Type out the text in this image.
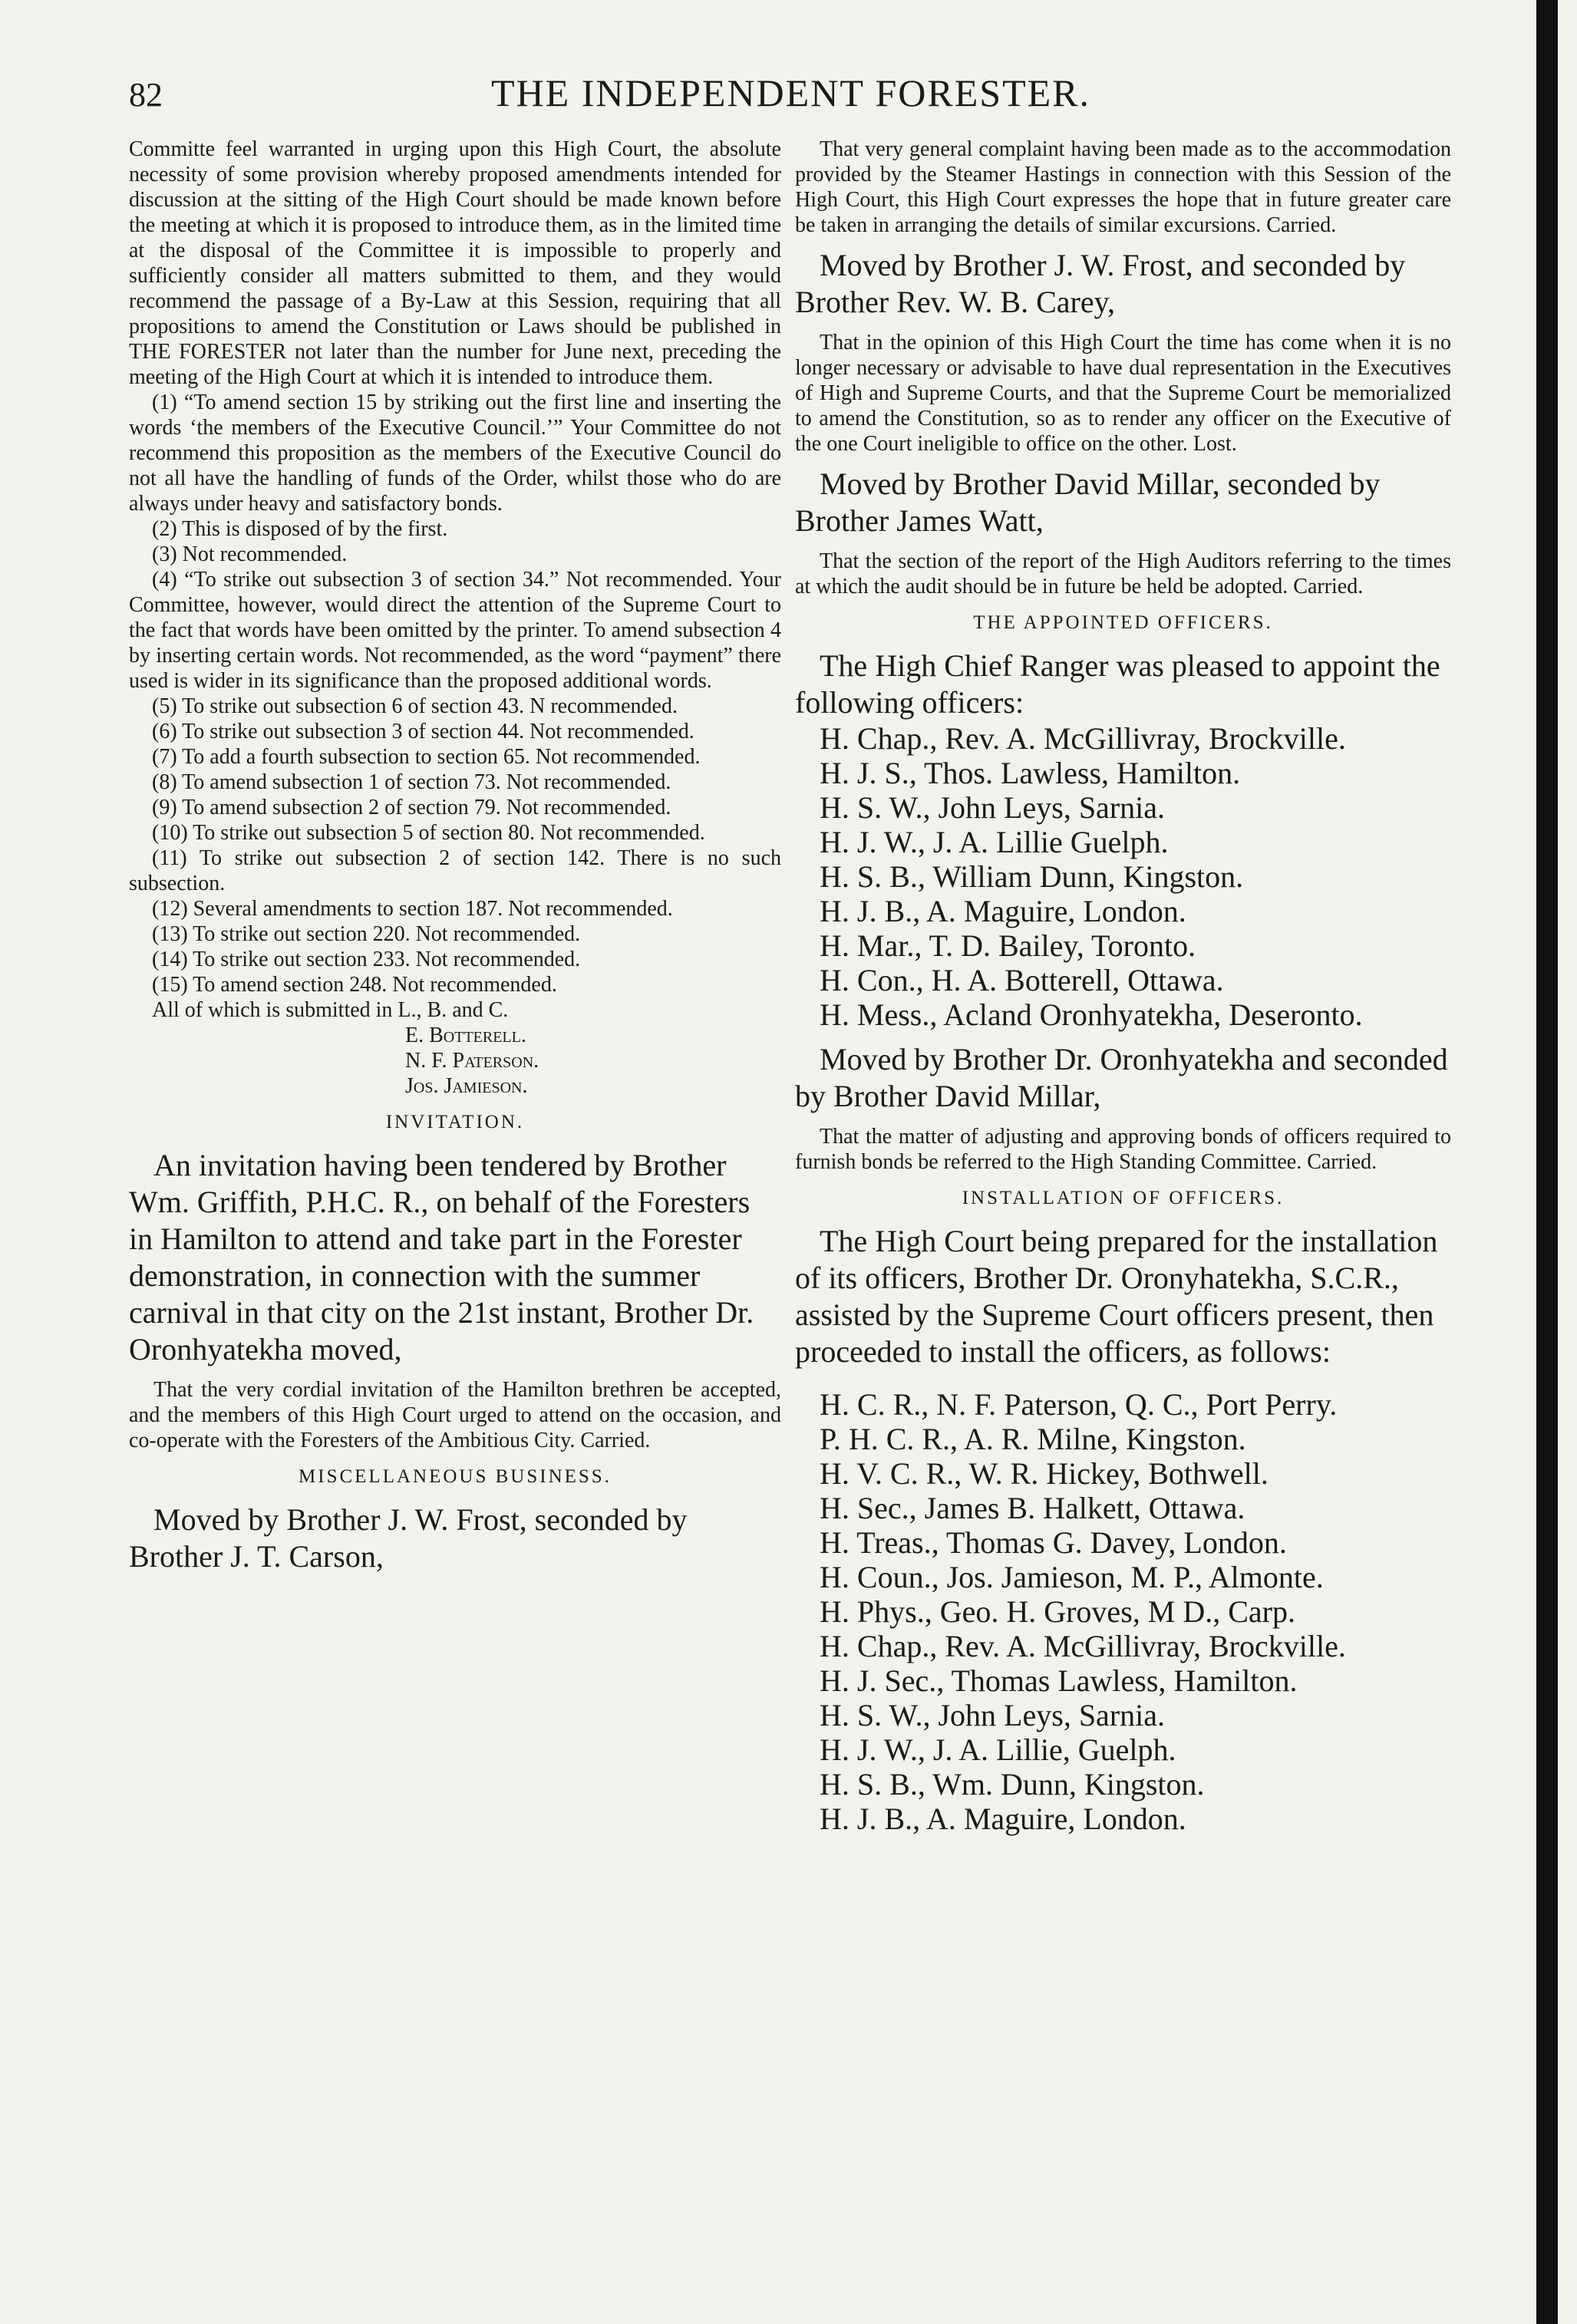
82	THE INDEPENDENT FORESTER.

Committe feel warranted in urging upon this High Court, the absolute necessity of some provision whereby proposed amendments intended for discussion at the sitting of the High Court should be made known before the meeting at which it is proposed to introduce them, as in the limited time at the disposal of the Committee it is impossible to properly and sufficiently consider all matters submitted to them, and they would recommend the passage of a By-Law at this Session, requiring that all propositions to amend the Constitution or Laws should be published in THE FORESTER not later than the number for June next, preceding the meeting of the High Court at which it is intended to introduce them.

(1) “To amend section 15 by striking out the first line and inserting the words ‘the members of the Executive Council.’” Your Committee do not recommend this proposition as the members of the Executive Council do not all have the handling of funds of the Order, whilst those who do are always under heavy and satisfactory bonds.

(2) This is disposed of by the first.

(3) Not recommended.

(4) “To strike out subsection 3 of section 34.” Not recommended. Your Committee, however, would direct the attention of the Supreme Court to the fact that words have been omitted by the printer. To amend subsection 4 by inserting certain words. Not recommended, as the word “payment” there used is wider in its significance than the proposed additional words.

(5) To strike out subsection 6 of section 43. N recommended.

(6) To strike out subsection 3 of section 44. Not recommended.

(7) To add a fourth subsection to section 65. Not recommended.

(8) To amend subsection 1 of section 73. Not recommended.

(9) To amend subsection 2 of section 79. Not recommended.

(10) To strike out subsection 5 of section 80. Not recommended.

(11) To strike out subsection 2 of section 142. There is no such subsection.

(12) Several amendments to section 187. Not recommended.

(13) To strike out section 220. Not recommended.

(14) To strike out section 233. Not recommended.

(15) To amend section 248. Not recommended.

All of which is submitted in L., B. and C.

E. Botterell.

N. F. Paterson.

Jos. Jamieson.

INVITATION.

An invitation having been tendered by Brother Wm. Griffith, P.H.C. R., on behalf of the Foresters in Hamilton to attend and take part in the Forester demonstration, in connection with the summer carnival in that city on the 21st instant, Brother Dr. Oronhyatekha moved,

That the very cordial invitation of the Hamilton brethren be accepted, and the members of this High Court urged to attend on the occasion, and co-operate with the Foresters of the Ambitious City. Carried.

MISCELLANEOUS BUSINESS.

Moved by Brother J. W. Frost, seconded by Brother J. T. Carson,

That very general complaint having been made as to the accommodation provided by the Steamer Hastings in connection with this Session of the High Court, this High Court expresses the hope that in future greater care be taken in arranging the details of similar excursions. Carried.

Moved by Brother J. W. Frost, and seconded by Brother Rev. W. B. Carey,

That in the opinion of this High Court the time has come when it is no longer necessary or advisable to have dual representation in the Executives of High and Supreme Courts, and that the Supreme Court be memorialized to amend the Constitution, so as to render any officer on the Executive of the one Court ineligible to office on the other. Lost.

Moved by Brother David Millar, seconded by Brother James Watt,

That the section of the report of the High Auditors referring to the times at which the audit should be in future be held be adopted. Carried.

THE APPOINTED OFFICERS.

The High Chief Ranger was pleased to appoint the following officers:

H. Chap., Rev. A. McGillivray, Brockville.

H. J. S., Thos. Lawless, Hamilton.

H. S. W., John Leys, Sarnia.

H. J. W., J. A. Lillie Guelph.

H. S. B., William Dunn, Kingston.

H. J. B., A. Maguire, London.

H. Mar., T. D. Bailey, Toronto.

H. Con., H. A. Botterell, Ottawa.

H. Mess., Acland Oronhyatekha, Deseronto.

Moved by Brother Dr. Oronhyatekha and seconded by Brother David Millar,

That the matter of adjusting and approving bonds of officers required to furnish bonds be referred to the High Standing Committee. Carried.

INSTALLATION OF OFFICERS.

The High Court being prepared for the installation of its officers, Brother Dr. Oronyhatekha, S.C.R., assisted by the Supreme Court officers present, then proceeded to install the officers, as follows:

H. C. R., N. F. Paterson, Q. C., Port Perry.

P. H. C. R., A. R. Milne, Kingston.

H. V. C. R., W. R. Hickey, Bothwell.

H. Sec., James B. Halkett, Ottawa.

H. Treas., Thomas G. Davey, London.

H. Coun., Jos. Jamieson, M. P., Almonte.

H. Phys., Geo. H. Groves, M D., Carp.

H. Chap., Rev. A. McGillivray, Brockville.

H. J. Sec., Thomas Lawless, Hamilton.

H. S. W., John Leys, Sarnia.

H. J. W., J. A. Lillie, Guelph.

H. S. B., Wm. Dunn, Kingston.

H. J. B., A. Maguire, London.
